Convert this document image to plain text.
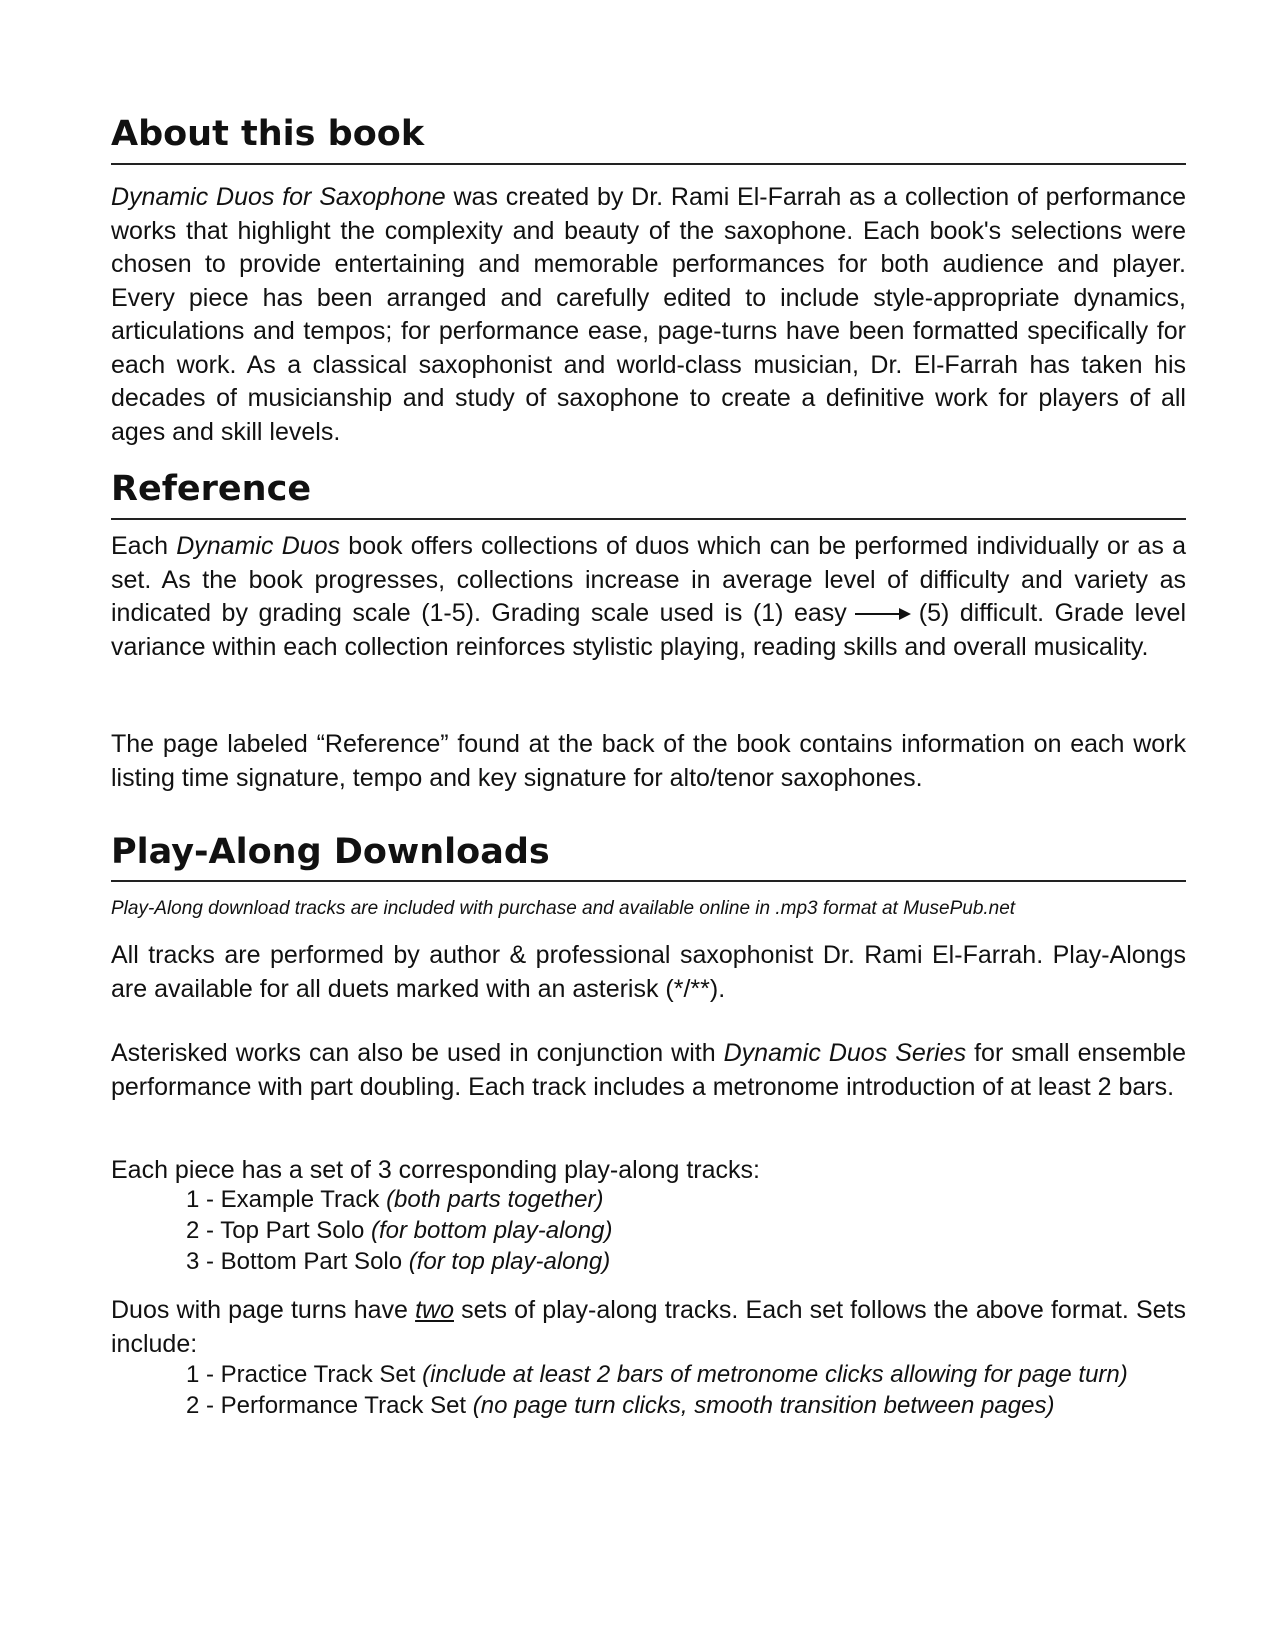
About this book

Dynamic Duos for Saxophone was created by Dr. Rami El-Farrah as a collection of performance works that highlight the complexity and beauty of the saxophone. Each book's selections were chosen to provide entertaining and memorable performances for both audience and player. Every piece has been arranged and carefully edited to include style-appropriate dynamics, articulations and tempos; for performance ease, page-turns have been formatted specifically for each work. As a classical saxophonist and world-class musician, Dr. El-Farrah has taken his decades of musicianship and study of saxophone to create a definitive work for players of all ages and skill levels.

Reference

Each Dynamic Duos book offers collections of duos which can be performed individually or as a set. As the book progresses, collections increase in average level of difficulty and variety as indicated by grading scale (1-5). Grading scale used is (1) easy	(5) difficult. Grade level variance within each collection reinforces stylistic playing, reading skills and overall musicality.

The page labeled “Reference” found at the back of the book contains information on each work listing time signature, tempo and key signature for alto/tenor saxophones.

Play-Along Downloads

Play-Along download tracks are included with purchase and available online in .mp3 format at MusePub.net

All tracks are performed by author & professional saxophonist Dr. Rami El-Farrah. Play-Alongs are available for all duets marked with an asterisk (*/**).

Asterisked works can also be used in conjunction with Dynamic Duos Series for small ensemble performance with part doubling. Each track includes a metronome introduction of at least 2 bars.

Each piece has a set of 3 corresponding play-along tracks:

1 - Example Track (both parts together)
2 - Top Part Solo (for bottom play-along)
3 - Bottom Part Solo (for top play-along)

Duos with page turns have two sets of play-along tracks. Each set follows the above format. Sets include:

1 - Practice Track Set (include at least 2 bars of metronome clicks allowing for page turn)
2 - Performance Track Set (no page turn clicks, smooth transition between pages)
